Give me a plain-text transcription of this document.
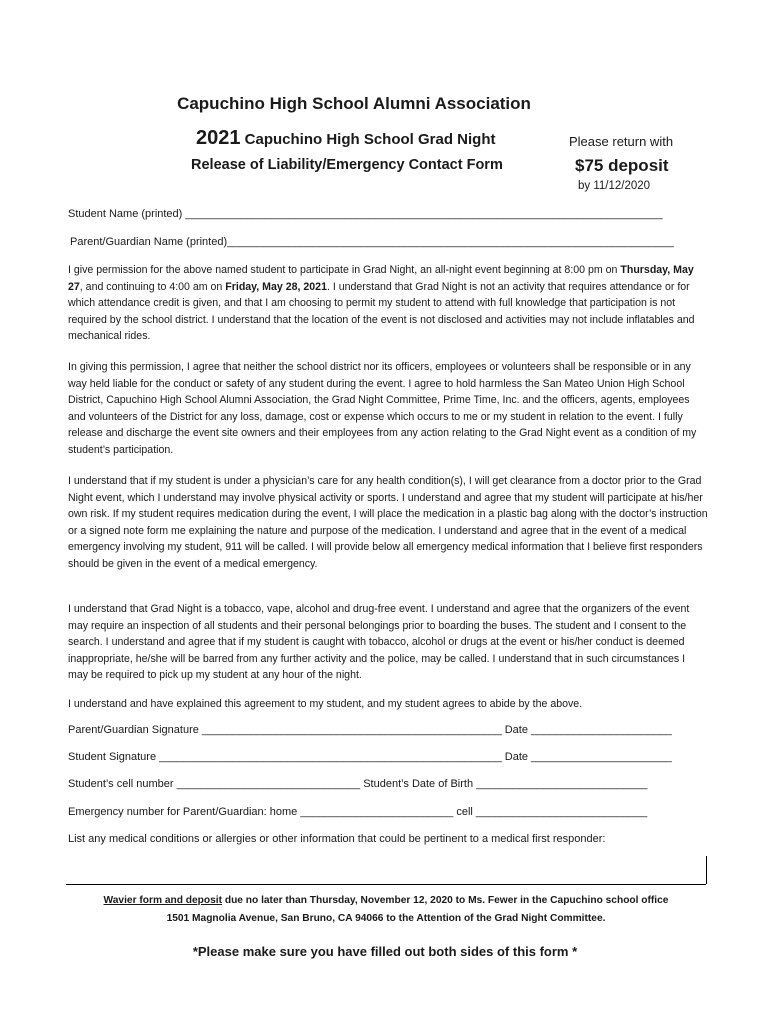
Capuchino High School Alumni Association
2021 Capuchino High School Grad Night
Release of Liability/Emergency Contact Form
Please return with
$75 deposit
by 11/12/2020
Student Name (printed) ______________________________________________________________________________
Parent/Guardian Name (printed)_________________________________________________________________________
I give permission for the above named student to participate in Grad Night, an all-night event beginning at 8:00 pm on Thursday, May 27, and continuing to 4:00 am on Friday, May 28, 2021. I understand that Grad Night is not an activity that requires attendance or for which attendance credit is given, and that I am choosing to permit my student to attend with full knowledge that participation is not required by the school district. I understand that the location of the event is not disclosed and activities may not include inflatables and mechanical rides.
In giving this permission, I agree that neither the school district nor its officers, employees or volunteers shall be responsible or in any way held liable for the conduct or safety of any student during the event. I agree to hold harmless the San Mateo Union High School District, Capuchino High School Alumni Association, the Grad Night Committee, Prime Time, Inc. and the officers, agents, employees and volunteers of the District for any loss, damage, cost or expense which occurs to me or my student in relation to the event. I fully release and discharge the event site owners and their employees from any action relating to the Grad Night event as a condition of my student’s participation.
I understand that if my student is under a physician’s care for any health condition(s), I will get clearance from a doctor prior to the Grad Night event, which I understand may involve physical activity or sports. I understand and agree that my student will participate at his/her own risk. If my student requires medication during the event, I will place the medication in a plastic bag along with the doctor’s instruction or a signed note form me explaining the nature and purpose of the medication. I understand and agree that in the event of a medical emergency involving my student, 911 will be called. I will provide below all emergency medical information that I believe first responders should be given in the event of a medical emergency.
I understand that Grad Night is a tobacco, vape, alcohol and drug-free event. I understand and agree that the organizers of the event may require an inspection of all students and their personal belongings prior to boarding the buses. The student and I consent to the search. I understand and agree that if my student is caught with tobacco, alcohol or drugs at the event or his/her conduct is deemed inappropriate, he/she will be barred from any further activity and the police, may be called. I understand that in such circumstances I may be required to pick up my student at any hour of the night.
I understand and have explained this agreement to my student, and my student agrees to abide by the above.
Parent/Guardian Signature _________________________________________________ Date _______________________
Student Signature ________________________________________________________ Date _______________________
Student’s cell number ______________________________ Student’s Date of Birth ____________________________
Emergency number for Parent/Guardian: home _________________________ cell ____________________________
List any medical conditions or allergies or other information that could be pertinent to a medical first responder:
Wavier form and deposit due no later than Thursday, November 12, 2020 to Ms. Fewer in the Capuchino school office
1501 Magnolia Avenue, San Bruno, CA 94066 to the Attention of the Grad Night Committee.
*Please make sure you have filled out both sides of this form *
